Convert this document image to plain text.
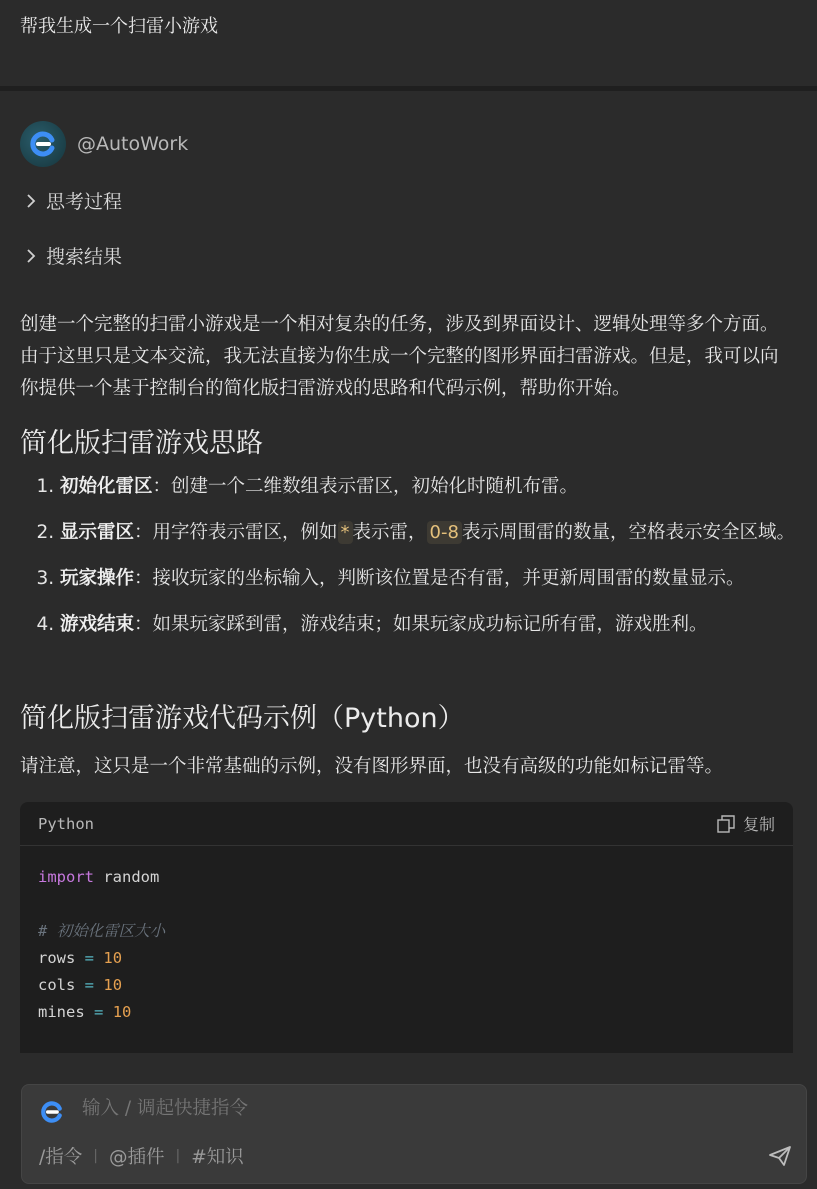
帮我生成一个扫雷小游戏
@AutoWork
思考过程
搜索结果
创建一个完整的扫雷小游戏是一个相对复杂的任务，涉及到界面设计、逻辑处理等多个方面。由于这里只是文本交流，我无法直接为你生成一个完整的图形界面扫雷游戏。但是，我可以向你提供一个基于控制台的简化版扫雷游戏的思路和代码示例，帮助你开始。
简化版扫雷游戏思路
1. 初始化雷区：创建一个二维数组表示雷区，初始化时随机布雷。
2. 显示雷区：用字符表示雷区，例如 * 表示雷， 0-8 表示周围雷的数量，空格表示安全区域。
3. 玩家操作：接收玩家的坐标输入，判断该位置是否有雷，并更新周围雷的数量显示。
4. 游戏结束：如果玩家踩到雷，游戏结束；如果玩家成功标记所有雷，游戏胜利。
简化版扫雷游戏代码示例（Python）
请注意，这只是一个非常基础的示例，没有图形界面，也没有高级的功能如标记雷等。
Python	复制
import random

# 初始化雷区大小
rows = 10
cols = 10
mines = 10
输入 / 调起快捷指令
/指令 | @插件 | #知识
